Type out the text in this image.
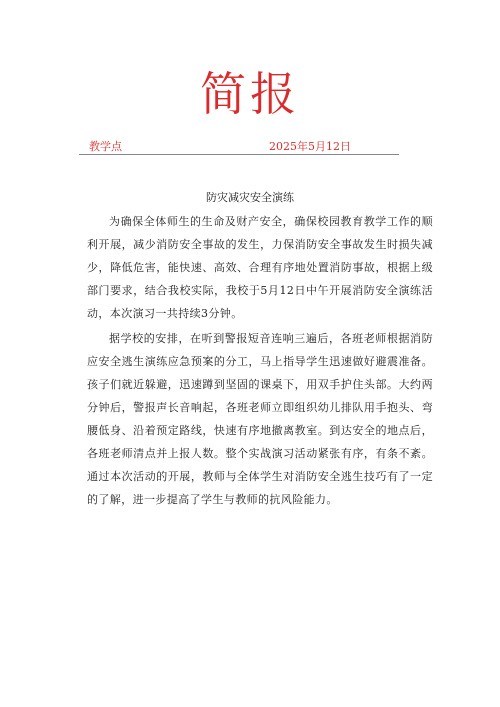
简报
教学点	2025年5月12日
防灾减灾安全演练

为确保全体师生的生命及财产安全，确保校园教育教学工作的顺利开展，减少消防安全事故的发生，力保消防安全事故发生时损失减少，降低危害，能快速、高效、合理有序地处置消防事故，根据上级部门要求，结合我校实际，我校于5月12日中午开展消防安全演练活动，本次演习一共持续3分钟。

据学校的安排，在听到警报短音连响三遍后，各班老师根据消防应安全逃生演练应急预案的分工，马上指导学生迅速做好避震准备。孩子们就近躲避，迅速蹲到坚固的课桌下，用双手护住头部。大约两分钟后，警报声长音响起，各班老师立即组织幼儿排队用手抱头、弯腰低身、沿着预定路线，快速有序地撤离教室。到达安全的地点后，各班老师清点并上报人数。整个实战演习活动紧张有序，有条不紊。通过本次活动的开展，教师与全体学生对消防安全逃生技巧有了一定的了解，进一步提高了学生与教师的抗风险能力。
